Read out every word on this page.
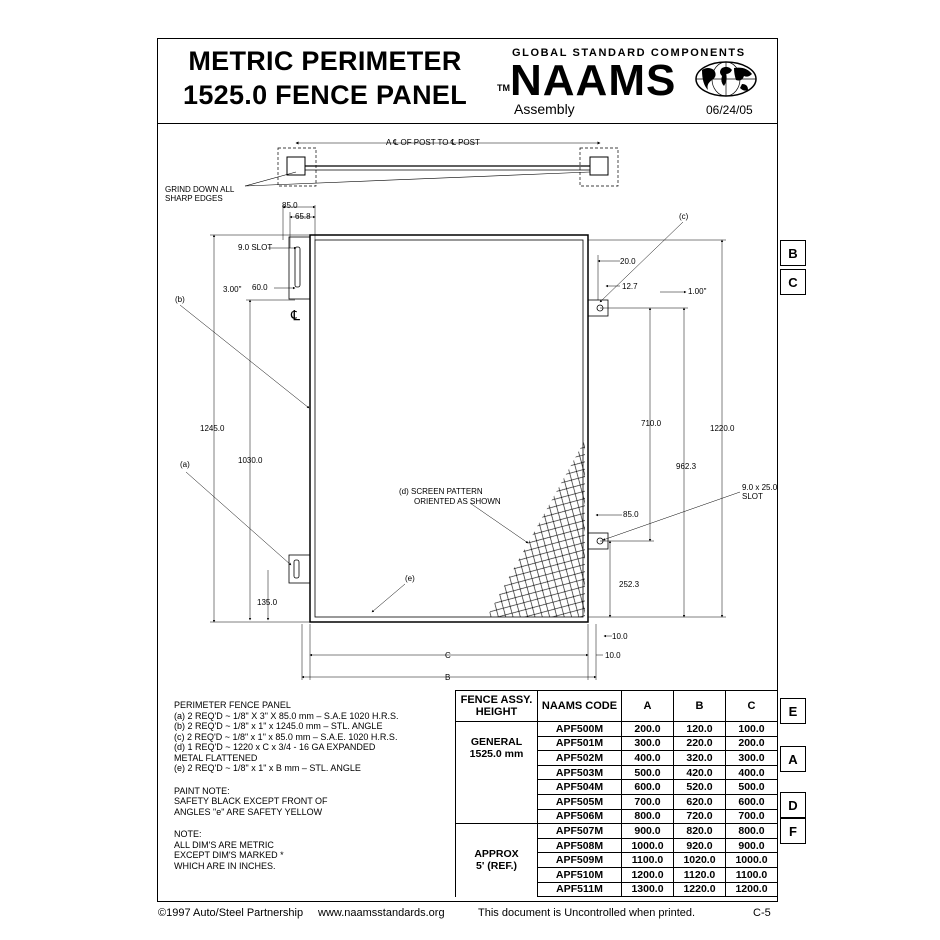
METRIC PERIMETER
1525.0 FENCE PANEL
GLOBAL STANDARD COMPONENTS
TM NAAMS
Assembly	06/24/05
B
C
E
A
D
F
A ℄ OF POST TO ℄ POST
GRIND DOWN ALL
SHARP EDGES
℄
85.0
65.8
9.0 SLOT
(c)
20.0
(b)
3.00" 60.0	12.7
1.00"
1245.0
1030.0
710.0
1220.0
962.3
(a)
(d) SCREEN PATTERN
ORIENTED AS SHOWN
9.0 x 25.0
SLOT
85.0
(e)
252.3
135.0
10.0
C	10.0
B
PERIMETER FENCE PANEL
(a) 2 REQ'D ~ 1/8" X 3" X 85.0 mm – S.A.E 1020 H.R.S.
(b) 2 REQ'D ~ 1/8" x 1" x 1245.0 mm – STL. ANGLE
(c) 2 REQ'D ~ 1/8" x 1" x 85.0 mm – S.A.E. 1020 H.R.S.
(d) 1 REQ'D ~ 1220 x C x 3/4 - 16 GA EXPANDED
METAL FLATTENED
(e) 2 REQ'D ~ 1/8" x 1" x B mm – STL. ANGLE
PAINT NOTE:
SAFETY BLACK EXCEPT FRONT OF
ANGLES "e" ARE SAFETY YELLOW
NOTE:
ALL DIM'S ARE METRIC
EXCEPT DIM'S MARKED *
WHICH ARE IN INCHES.
FENCE ASSY. HEIGHT	NAAMS CODE	A	B	C
GENERAL
1525.0 mm	APF500M	200.0	120.0	100.0
	APF501M	300.0	220.0	200.0
	APF502M	400.0	320.0	300.0
	APF503M	500.0	420.0	400.0
	APF504M	600.0	520.0	500.0
	APF505M	700.0	620.0	600.0
	APF506M	800.0	720.0	700.0
APPROX
5' (REF.)	APF507M	900.0	820.0	800.0
	APF508M	1000.0	920.0	900.0
	APF509M	1100.0	1020.0	1000.0
	APF510M	1200.0	1120.0	1100.0
	APF511M	1300.0	1220.0	1200.0
©1997 Auto/Steel Partnership www.naamsstandards.org	This document is Uncontrolled when printed.	C-5
